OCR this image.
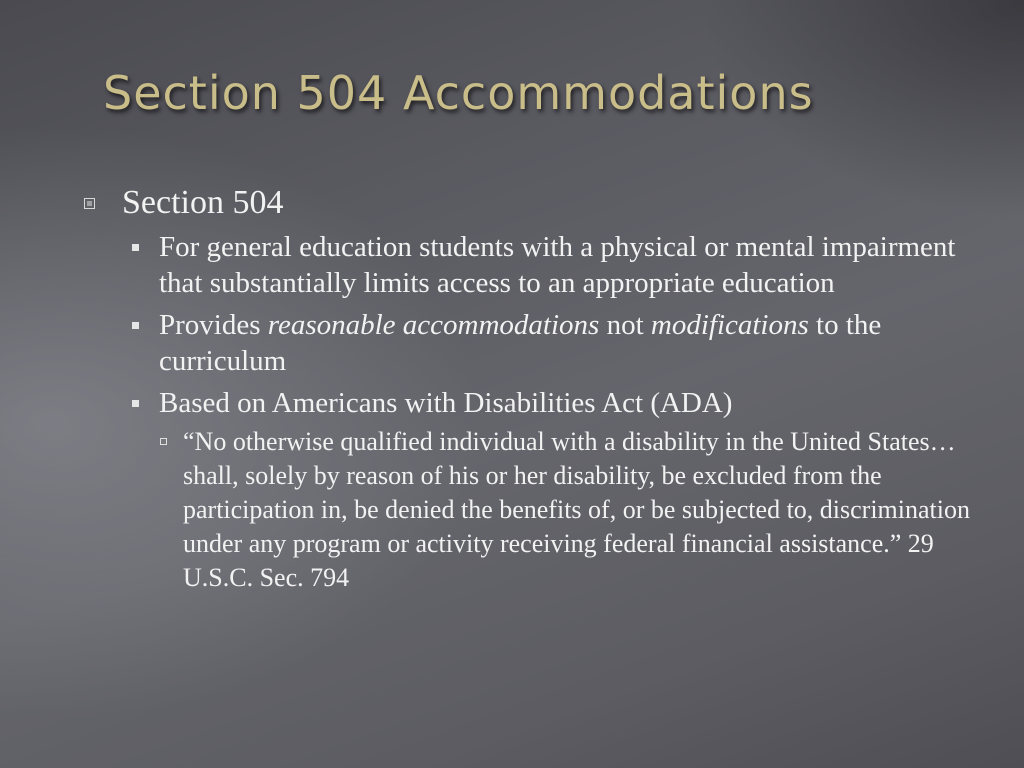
Section 504 Accommodations
Section 504
For general education students with a physical or mental impairment that substantially limits access to an appropriate education
Provides reasonable accommodations not modifications to the curriculum
Based on Americans with Disabilities Act (ADA)
“No otherwise qualified individual with a disability in the United States… shall, solely by reason of his or her disability, be excluded from the participation in, be denied the benefits of, or be subjected to, discrimination under any program or activity receiving federal financial assistance.” 29 U.S.C. Sec. 794
